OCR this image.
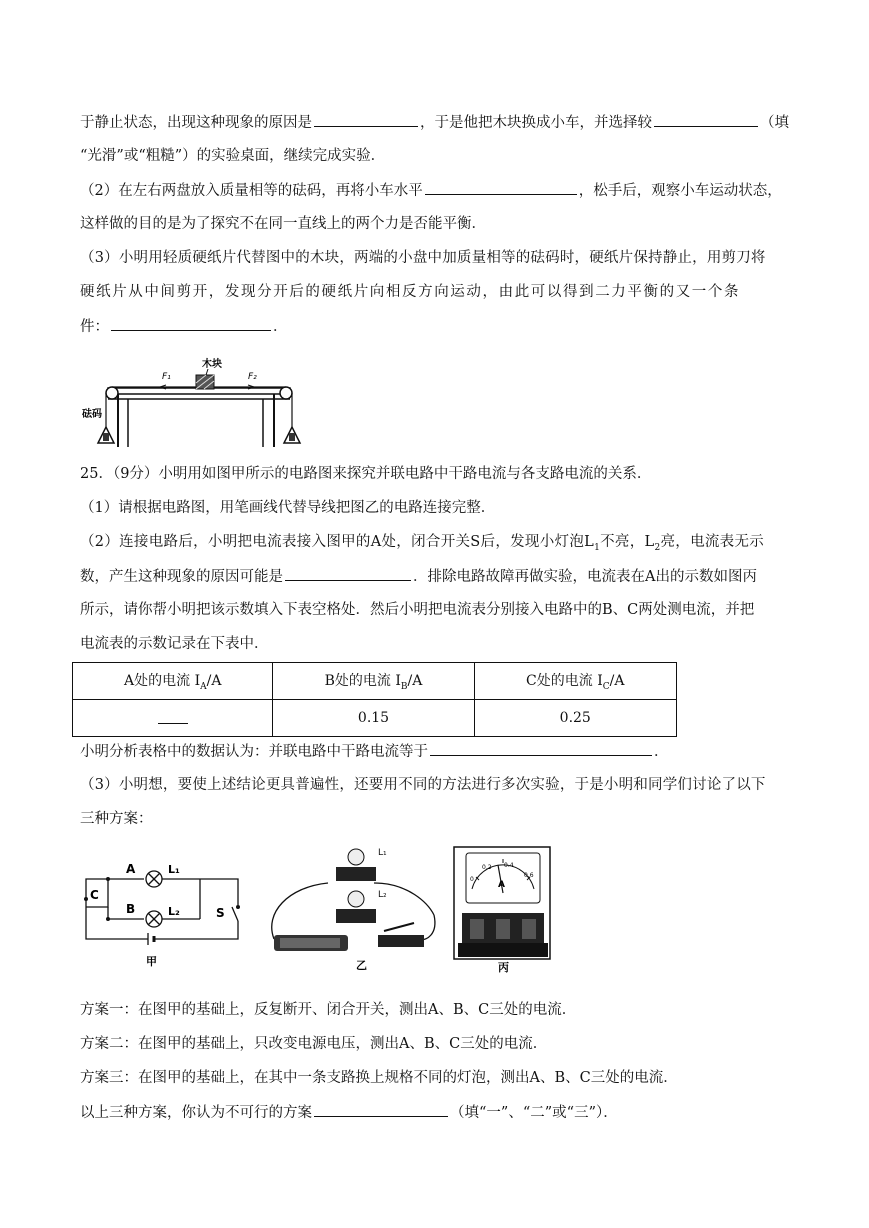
于静止状态，出现这种现象的原因是	，于是他把木块换成小车，并选择较	（填
“光滑”或“粗糙”）的实验桌面，继续完成实验．
（2）在左右两盘放入质量相等的砝码，再将小车水平	，松手后，观察小车运动状态，
这样做的目的是为了探究不在同一直线上的两个力是否能平衡．
（3）小明用轻质硬纸片代替图中的木块，两端的小盘中加质量相等的砝码时，硬纸片保持静止，用剪刀将
硬纸片从中间剪开，发现分开后的硬纸片向相反方向运动，由此可以得到二力平衡的又一个条
件：	．
木块
F₁	F₂
砝码
25．（9分）小明用如图甲所示的电路图来探究并联电路中干路电流与各支路电流的关系．
（1）请根据电路图，用笔画线代替导线把图乙的电路连接完整．
（2）连接电路后，小明把电流表接入图甲的A处，闭合开关S后，发现小灯泡$L_1$不亮，$L_2$亮，电流表无示
数，产生这种现象的原因可能是	．排除电路故障再做实验，电流表在A出的示数如图丙
所示，请你帮小明把该示数填入下表空格处．然后小明把电流表分别接入电路中的B、C两处测电流，并把
电流表的示数记录在下表中．
A处的电流 $I_A/A$	B处的电流 $I_B/A$	C处的电流 $I_C/A$
	0.15	0.25
小明分析表格中的数据认为：并联电路中干路电流等于	．
（3）小明想，要使上述结论更具普遍性，还要用不同的方法进行多次实验，于是小明和同学们讨论了以下
三种方案：
C
A
B
L₁
L₂	S
甲
L₁
L₂
乙
A
0
0.2 0.4
0.6
丙
方案一：在图甲的基础上，反复断开、闭合开关，测出A、B、C三处的电流．
方案二：在图甲的基础上，只改变电源电压，测出A、B、C三处的电流．
方案三：在图甲的基础上，在其中一条支路换上规格不同的灯泡，测出A、B、C三处的电流．
以上三种方案，你认为不可行的方案	（填“一”、“二”或“三”）．
